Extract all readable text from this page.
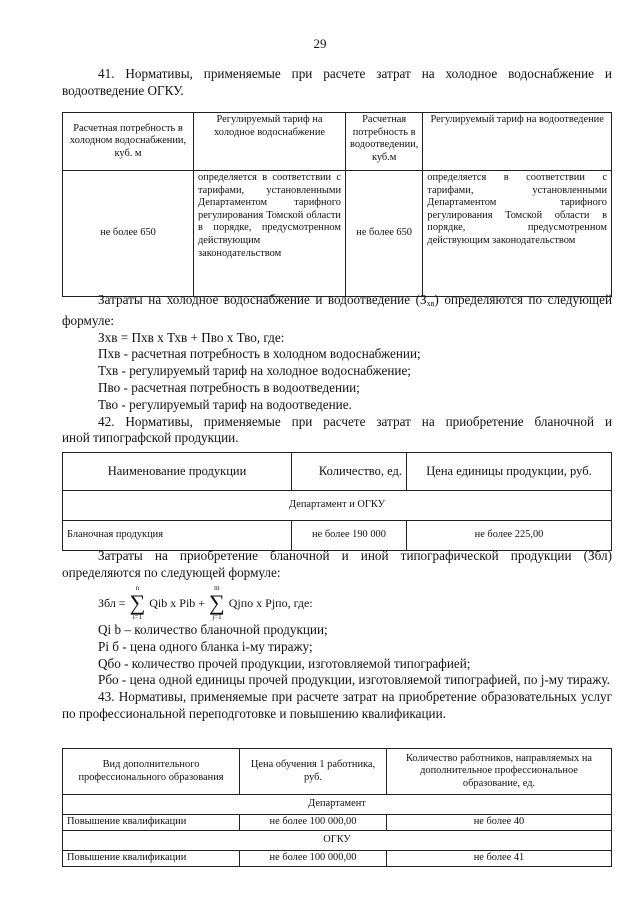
29
41. Нормативы, применяемые при расчете затрат на холодное водоснабжение и
водоотведение ОГКУ.
Расчетная потребность в холодном водоснабжении, куб. м	Регулируемый тариф на холодное водоснабжение	Расчетная потребность в водоотведении, куб.м	Регулируемый тариф на водоотведение
не более 650	определяется в соответствии с тарифами, установленными Департаментом тарифного регулирования Томской области в порядке, предусмотренном действующим законодательством	не более 650	определяется в соответствии с тарифами, установленными Департаментом тарифного регулирования Томской области в порядке, предусмотренном действующим законодательством
Затраты на холодное водоснабжение и водоотведение $(З_{хв})$ определяются по следующей формуле:
Зхв = Пхв x Тхв + Пво x Тво, где:
Пхв - расчетная потребность в холодном водоснабжении;
Тхв - регулируемый тариф на холодное водоснабжение;
Пво - расчетная потребность в водоотведении;
Тво - регулируемый тариф на водоотведение.
42. Нормативы, применяемые при расчете затрат на приобретение бланочной и
иной типографской продукции.
Наименование продукции	Количество, ед.	Цена единицы продукции, руб.
Департамент и ОГКУ		
Бланочная продукция	не более 190 000	не более 225,00
Затраты на приобретение бланочной и иной типографической продукции (Збл) определяются по следующей формуле:
Збл =
n
∑
i=1
Qib x Pib +
m
∑
j=1
Qjпо x Pjпо, где:
Qi b – количество бланочной продукции;
Pi б - цена одного бланка i-му тиражу;
Qбо - количество прочей продукции, изготовляемой типографией;
Pбо - цена одной единицы прочей продукции, изготовляемой типографией, по j-му тиражу.
43. Нормативы, применяемые при расчете затрат на приобретение образовательных услуг по профессиональной переподготовке и повышению квалификации.
Вид дополнительного профессионального образования	Цена обучения 1 работника, руб.	Количество работников, направляемых на дополнительное профессиональное образование, ед.
Департамент		
Повышение квалификации	не более 100 000,00	не более 40
ОГКУ		
Повышение квалификации	не более 100 000,00	не более 41
